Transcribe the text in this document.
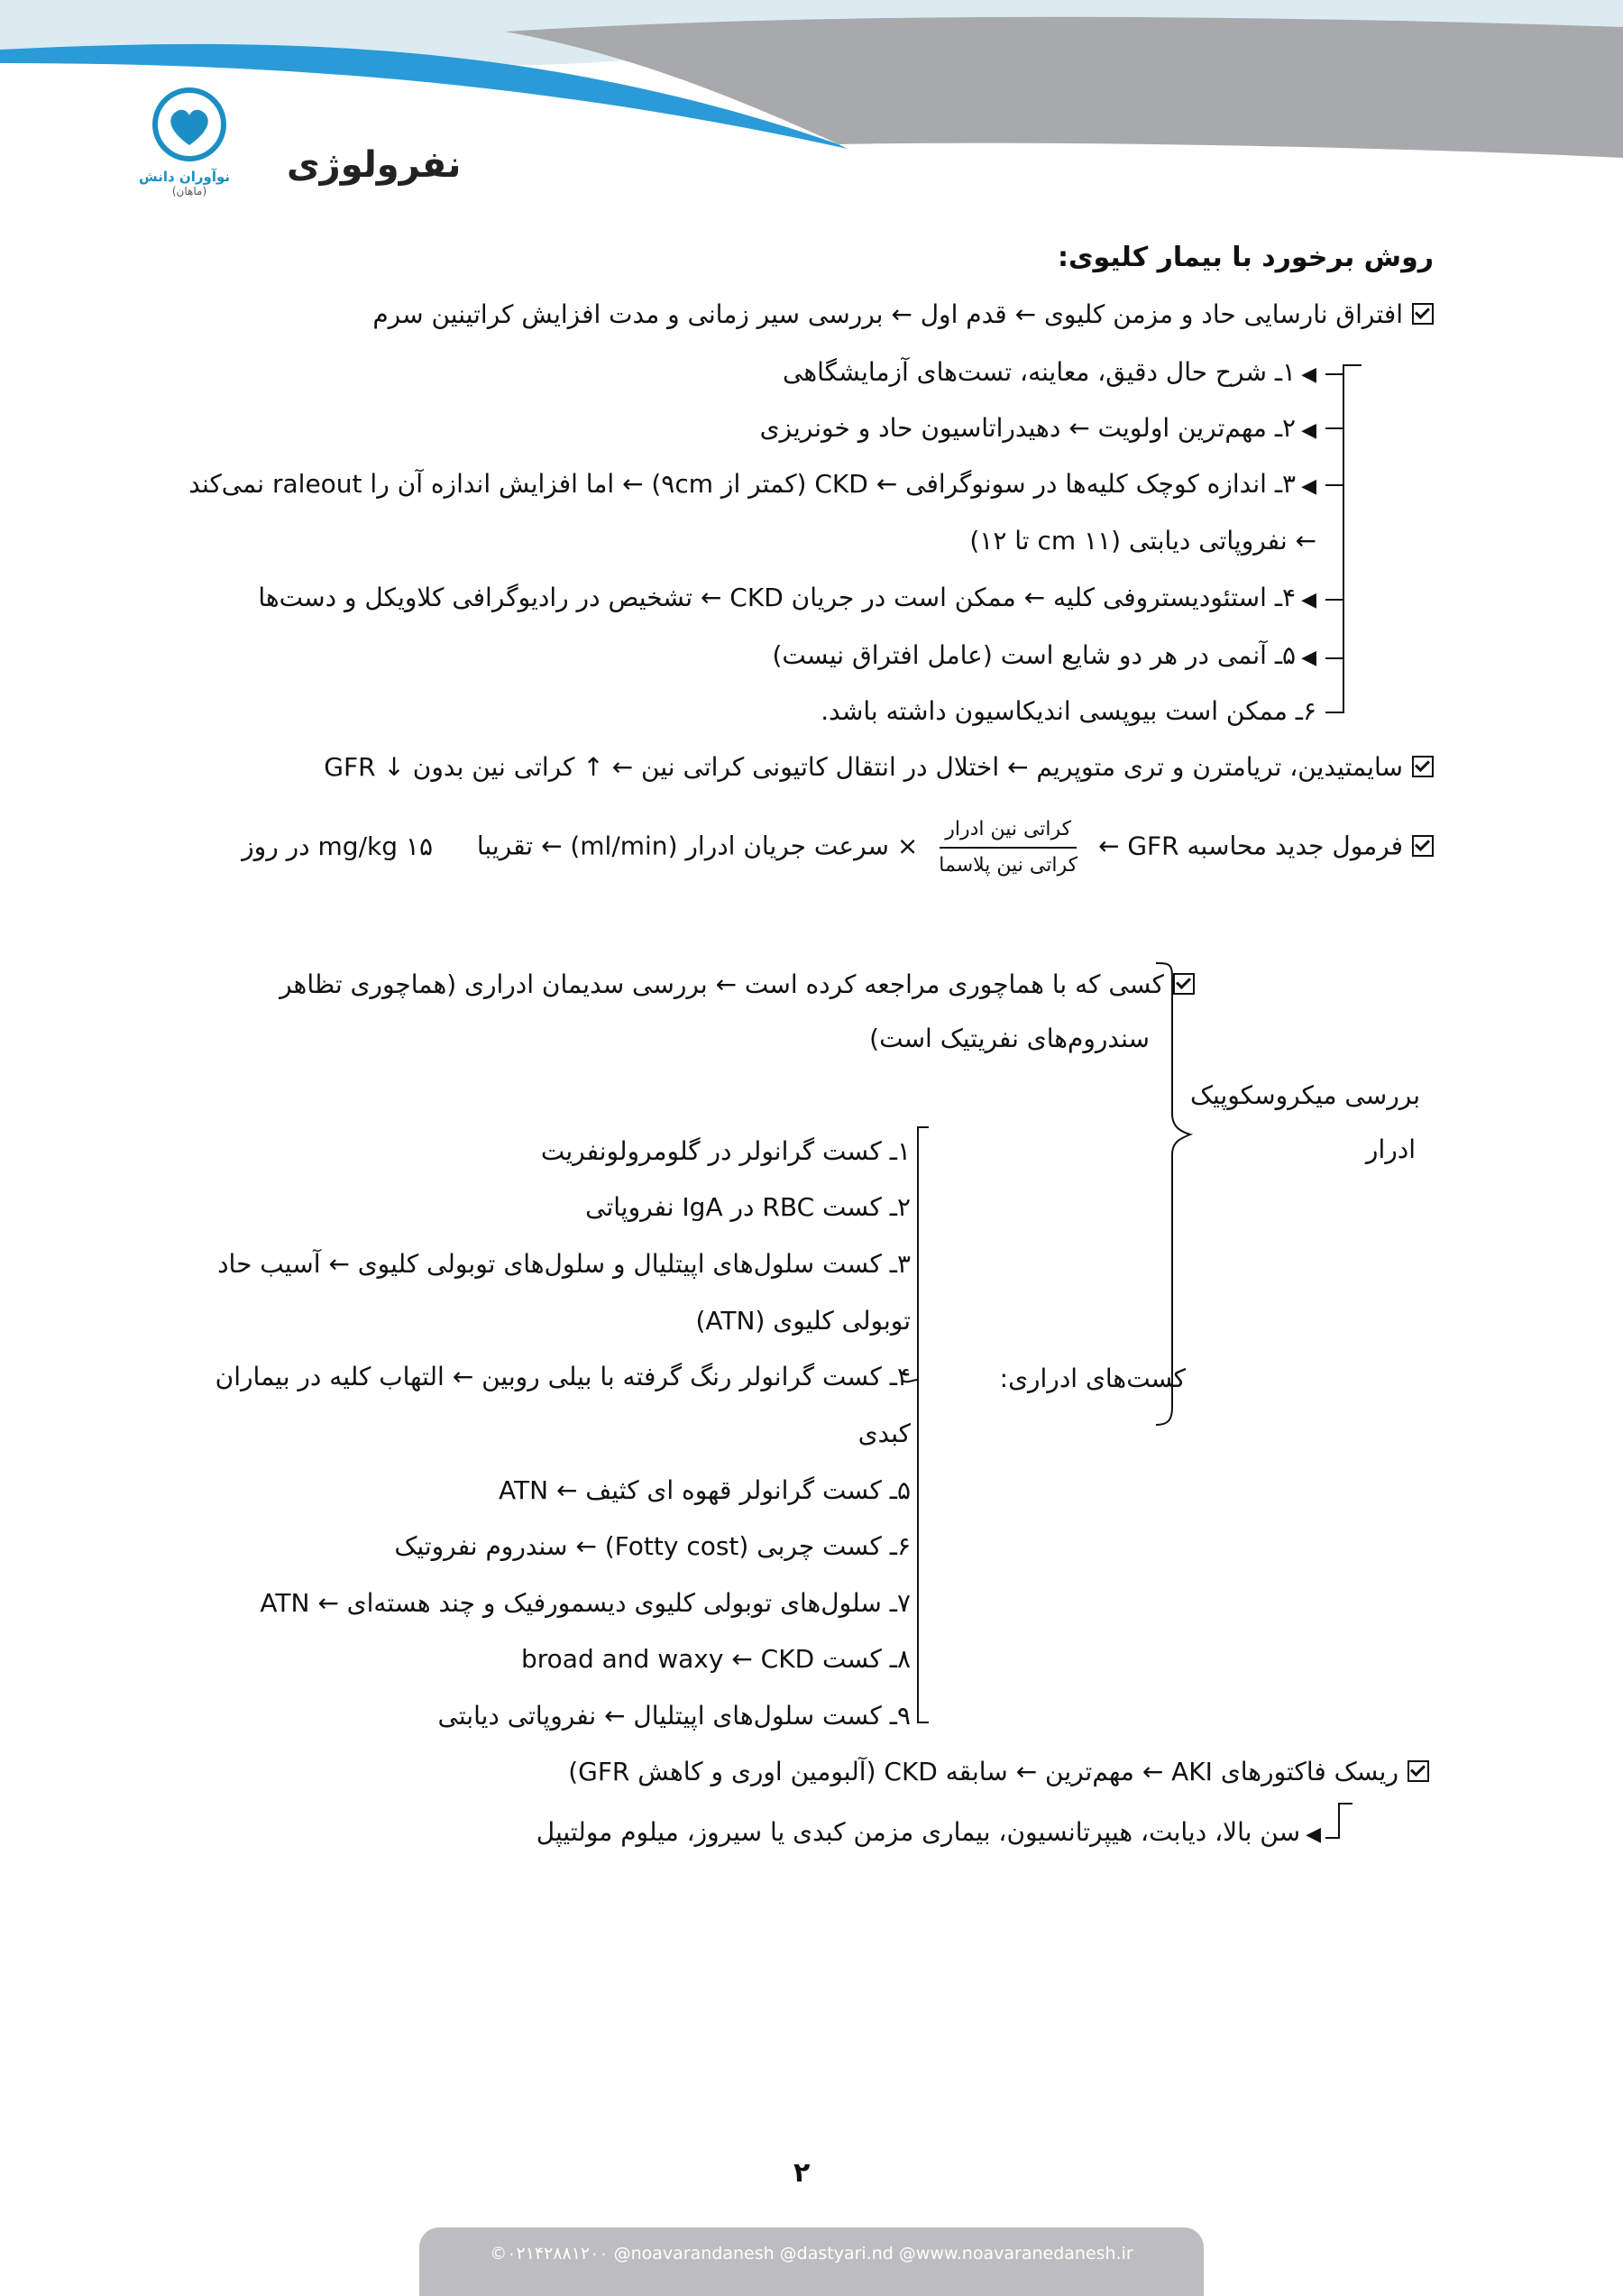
نوآوران دانش
(ماهان)
نفرولوژی
روش برخورد با بیمار کلیوی:
افتراق نارسایی حاد و مزمن کلیوی ← قدم اول ← بررسی سیر زمانی و مدت افزایش کراتینین سرم
◀۱ـ شرح حال دقیق، معاینه، تست‌های آزمایشگاهی
◀۲ـ مهم‌ترین اولویت ← دهیدراتاسیون حاد و خونریزی
◀۳ـ اندازه کوچک کلیه‌ها در سونوگرافی ← CKD (کمتر از ۹cm) ← اما افزایش اندازه آن را raleout نمی‌کند
← نفروپاتی دیابتی (cm ۱۱ تا ۱۲)
◀۴ـ استئودیستروفی کلیه ← ممکن است در جریان CKD ← تشخیص در رادیوگرافی کلاویکل و دست‌ها
◀۵ـ آنمی در هر دو شایع است (عامل افتراق نیست)
۶ـ ممکن است بیوپسی اندیکاسیون داشته باشد.
سایمتیدین، تریامترن و تری متوپریم ← اختلال در انتقال کاتیونی کراتی نین ← ↑ کراتی نین بدون ↓ GFR
فرمول جدید محاسبه GFR ←
$\frac{\text{کراتی نین ادرار}}{\text{کراتی نین پلاسما}}$
× سرعت جریان ادرار (ml/min) ← تقریبا ۱۵ mg/kg در روز
کسی که با هماچوری مراجعه کرده است ← بررسی سدیمان ادراری (هماچوری تظاهر
سندروم‌های نفریتیک است)
بررسی میکروسکوپیک
ادرار
کست‌های ادراری:
۱ـ کست گرانولر در گلومرولونفریت
۲ـ کست RBC در IgA نفروپاتی
۳ـ کست سلول‌های اپیتلیال و سلول‌های توبولی کلیوی ← آسیب حاد
توبولی کلیوی (ATN)
۴ـ کست گرانولر رنگ گرفته با بیلی روبین ← التهاب کلیه در بیماران
کبدی
۵ـ کست گرانولر قهوه ای کثیف ← ATN
۶ـ کست چربی (Fotty cost) ← سندروم نفروتیک
۷ـ سلول‌های توبولی کلیوی دیسمورفیک و چند هسته‌ای ← ATN
۸ـ کست broad and waxy ← CKD
۹ـ کست سلول‌های اپیتلیال ← نفروپاتی دیابتی
ریسک فاکتورهای AKI ← مهم‌ترین ← سابقه CKD (آلبومین اوری و کاهش GFR)
◀سن بالا، دیابت، هیپرتانسیون، بیماری مزمن کبدی یا سیروز، میلوم مولتیپل
۲
©۰۲۱۴۲۸۸۱۲۰۰ @noavarandanesh @dastyari.nd @www.noavaranedanesh.ir
